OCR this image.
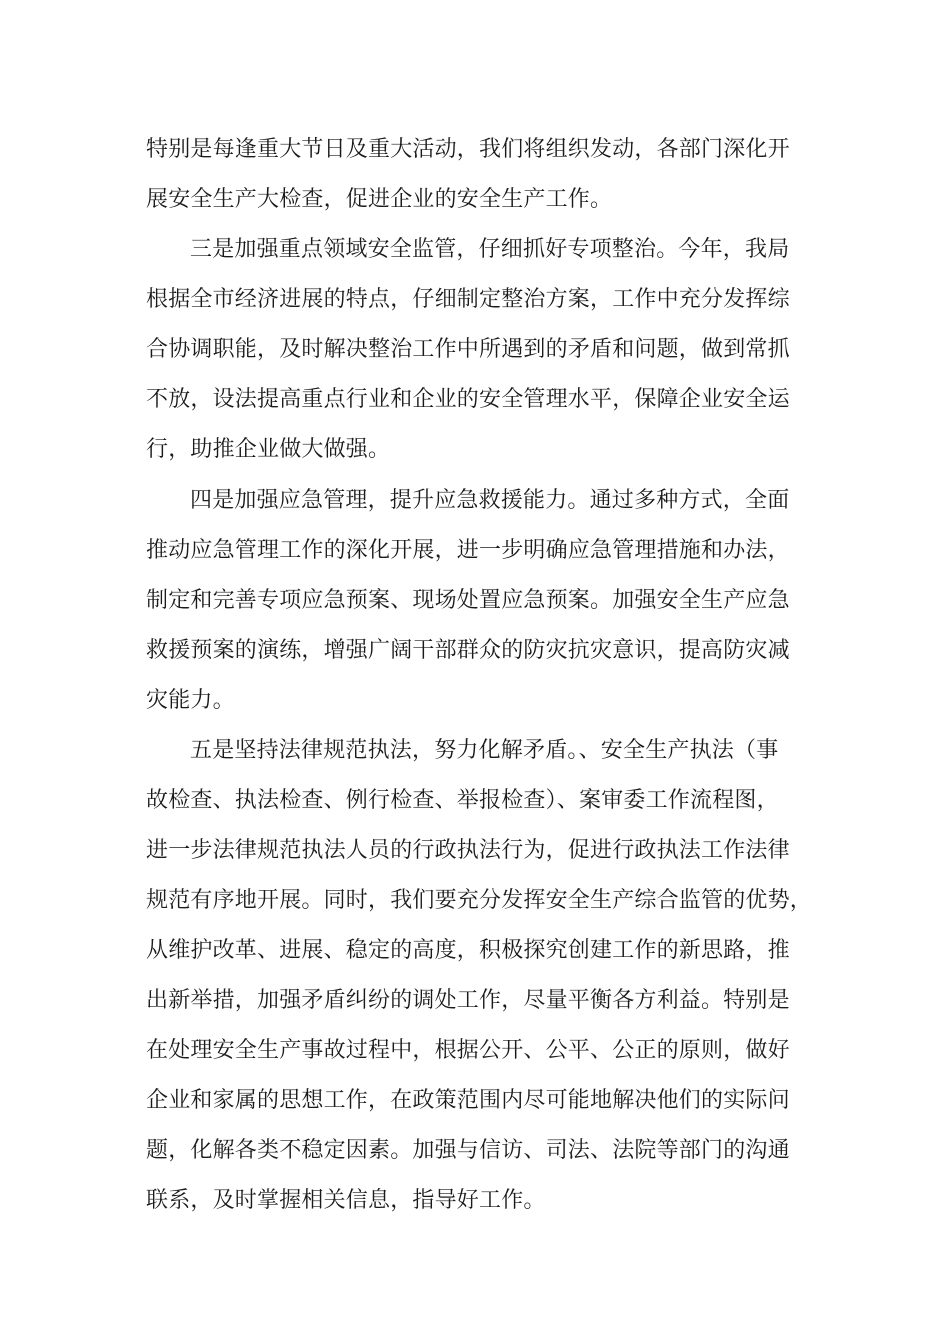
特别是每逢重大节日及重大活动，我们将组织发动，各部门深化开
展安全生产大检查，促进企业的安全生产工作。
三是加强重点领域安全监管，仔细抓好专项整治。今年，我局
根据全市经济进展的特点，仔细制定整治方案，工作中充分发挥综
合协调职能，及时解决整治工作中所遇到的矛盾和问题，做到常抓
不放，设法提高重点行业和企业的安全管理水平，保障企业安全运
行，助推企业做大做强。
四是加强应急管理，提升应急救援能力。通过多种方式，全面
推动应急管理工作的深化开展，进一步明确应急管理措施和办法，
制定和完善专项应急预案、现场处置应急预案。加强安全生产应急
救援预案的演练，增强广阔干部群众的防灾抗灾意识，提高防灾减
灾能力。
五是坚持法律规范执法，努力化解矛盾。、安全生产执法（事
故检查、执法检查、例行检查、举报检查）、案审委工作流程图，
进一步法律规范执法人员的行政执法行为，促进行政执法工作法律
规范有序地开展。同时，我们要充分发挥安全生产综合监管的优势，
从维护改革、进展、稳定的高度，积极探究创建工作的新思路，推
出新举措，加强矛盾纠纷的调处工作，尽量平衡各方利益。特别是
在处理安全生产事故过程中，根据公开、公平、公正的原则，做好
企业和家属的思想工作，在政策范围内尽可能地解决他们的实际问
题，化解各类不稳定因素。加强与信访、司法、法院等部门的沟通
联系，及时掌握相关信息，指导好工作。
